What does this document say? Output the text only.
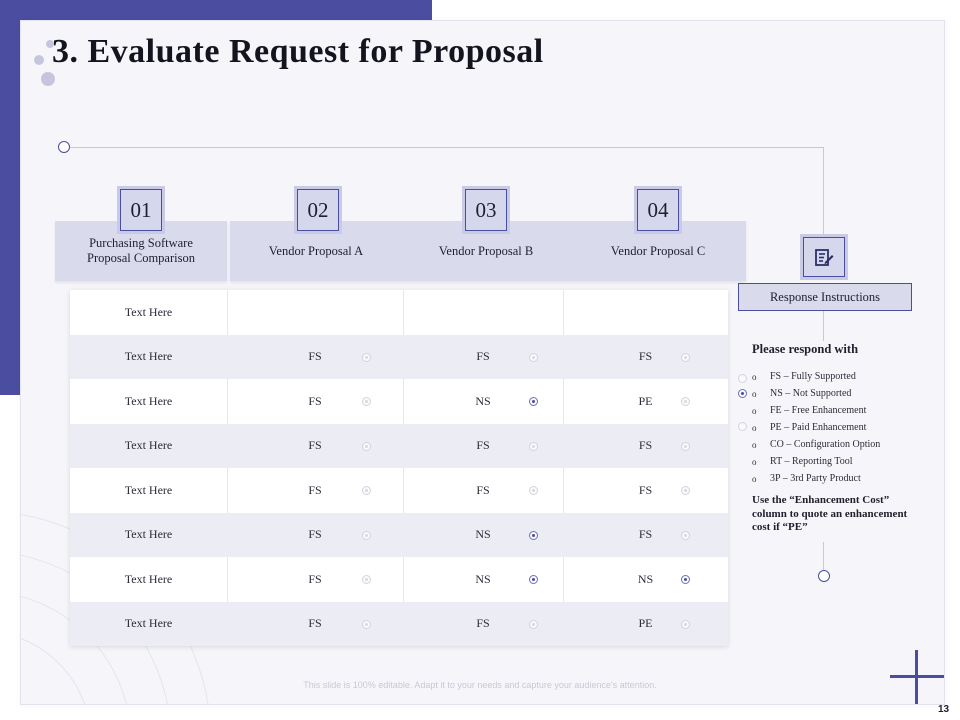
3. Evaluate Request for Proposal
Text Here
Text Here	FS	FS	FS
Text Here	FS	NS	PE
Text Here	FS	FS	FS
Text Here	FS	FS	FS
Text Here	FS	NS	FS
Text Here	FS	NS	NS
Text Here	FS	FS	PE
Purchasing Software
Proposal Comparison
Vendor Proposal A	Vendor Proposal B	Vendor Proposal C
01	02	03	04
Response Instructions
Please respond with
o	FS – Fully Supported
o	NS – Not Supported
o	FE – Free Enhancement
o	PE – Paid Enhancement
o	CO – Configuration Option
o	RT – Reporting Tool
o	3P – 3rd Party Product
Use the “Enhancement Cost” column to quote an enhancement cost if “PE”
This slide is 100% editable. Adapt it to your needs and capture your audience's attention.
13
